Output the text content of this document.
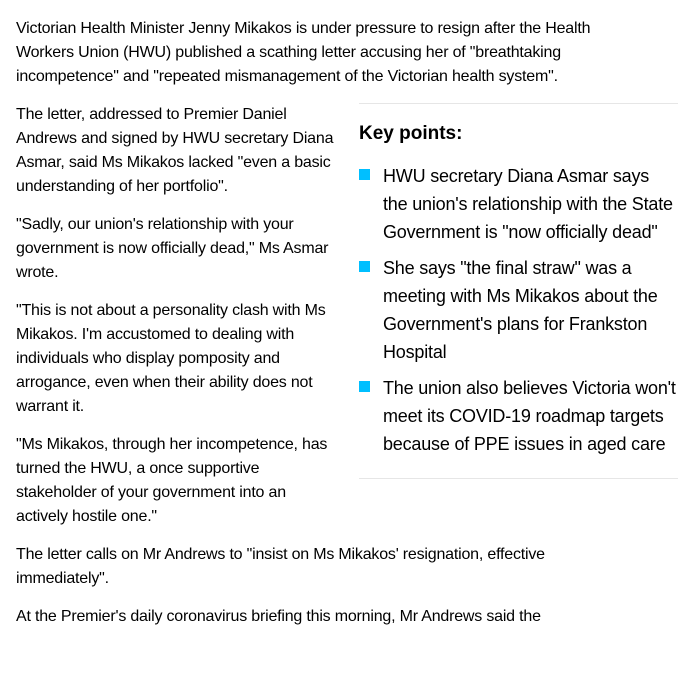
Victorian Health Minister Jenny Mikakos is under pressure to resign after the Health Workers Union (HWU) published a scathing letter accusing her of "breathtaking incompetence" and "repeated mismanagement of the Victorian health system".

Key points:
HWU secretary Diana Asmar says the union's relationship with the State Government is "now officially dead"
She says "the final straw" was a meeting with Ms Mikakos about the Government's plans for Frankston Hospital
The union also believes Victoria won't meet its COVID-19 roadmap targets because of PPE issues in aged care

The letter, addressed to Premier Daniel Andrews and signed by HWU secretary Diana Asmar, said Ms Mikakos lacked "even a basic understanding of her portfolio".

"Sadly, our union's relationship with your government is now officially dead," Ms Asmar wrote.

"This is not about a personality clash with Ms Mikakos. I'm accustomed to dealing with individuals who display pomposity and arrogance, even when their ability does not warrant it.

"Ms Mikakos, through her incompetence, has turned the HWU, a once supportive stakeholder of your government into an actively hostile one."

The letter calls on Mr Andrews to "insist on Ms Mikakos' resignation, effective immediately".

At the Premier's daily coronavirus briefing this morning, Mr Andrews said the
